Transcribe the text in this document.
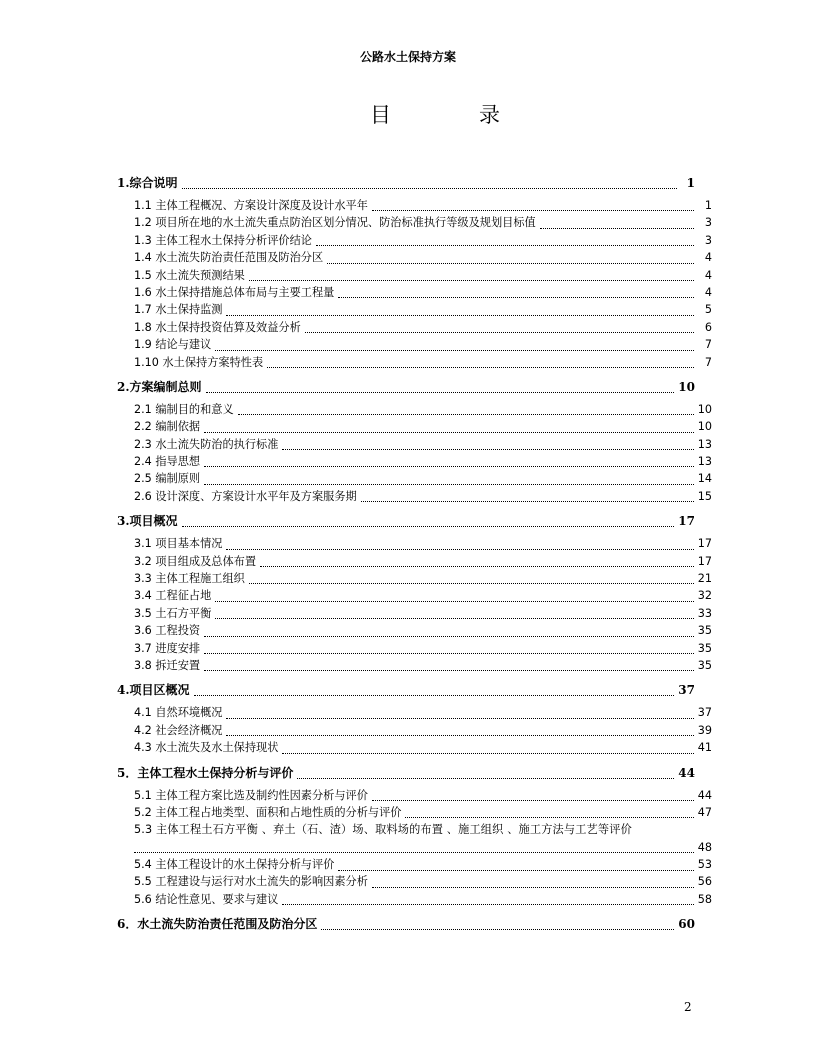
公路水土保持方案
目	录
1.综合说明	1
1.1 主体工程概况、方案设计深度及设计水平年	1
1.2 项目所在地的水土流失重点防治区划分情况、防治标准执行等级及规划目标值	3
1.3 主体工程水土保持分析评价结论	3
1.4 水土流失防治责任范围及防治分区	4
1.5 水土流失预测结果	4
1.6 水土保持措施总体布局与主要工程量	4
1.7 水土保持监测	5
1.8 水土保持投资估算及效益分析	6
1.9 结论与建议	7
1.10 水土保持方案特性表	7
2.方案编制总则	10
2.1 编制目的和意义	10
2.2 编制依据	10
2.3 水土流失防治的执行标准	13
2.4 指导思想	13
2.5 编制原则	14
2.6 设计深度、方案设计水平年及方案服务期	15
3.项目概况	17
3.1 项目基本情况	17
3.2 项目组成及总体布置	17
3.3 主体工程施工组织	21
3.4 工程征占地	32
3.5 土石方平衡	33
3.6 工程投资	35
3.7 进度安排	35
3.8 拆迁安置	35
4.项目区概况	37
4.1 自然环境概况	37
4.2 社会经济概况	39
4.3 水土流失及水土保持现状	41
5．主体工程水土保持分析与评价	44
5.1 主体工程方案比选及制约性因素分析与评价	44
5.2 主体工程占地类型、面积和占地性质的分析与评价	47
5.3 主体工程土石方平衡 、弃土（石、渣）场、取料场的布置 、施工组织 、施工方法与工艺等评价
48
5.4 主体工程设计的水土保持分析与评价	53
5.5 工程建设与运行对水土流失的影响因素分析	56
5.6 结论性意见、要求与建议	58
6．水土流失防治责任范围及防治分区	60
2
